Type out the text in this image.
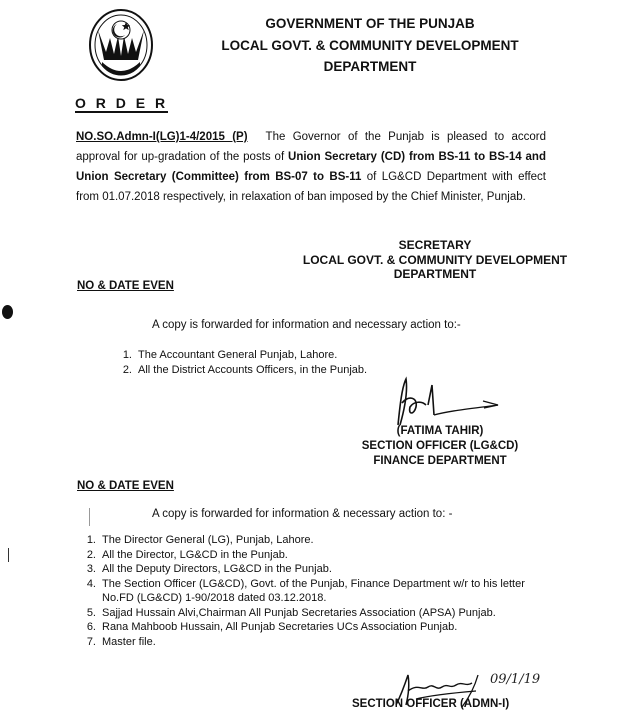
GOVERNMENT OF THE PUNJAB
LOCAL GOVT. & COMMUNITY DEVELOPMENT
DEPARTMENT
O R D E R
NO.SO.Admn-I(LG)1-4/2015 (P) The Governor of the Punjab is pleased to accord approval for up-gradation of the posts of Union Secretary (CD) from BS-11 to BS-14 and Union Secretary (Committee) from BS-07 to BS-11 of LG&CD Department with effect from 01.07.2018 respectively, in relaxation of ban imposed by the Chief Minister, Punjab.
SECRETARY
LOCAL GOVT. & COMMUNITY DEVELOPMENT
DEPARTMENT
NO & DATE EVEN
A copy is forwarded for information and necessary action to:-
1. The Accountant General Punjab, Lahore.
2. All the District Accounts Officers, in the Punjab.
(FATIMA TAHIR)
SECTION OFFICER (LG&CD)
FINANCE DEPARTMENT
NO & DATE EVEN
A copy is forwarded for information & necessary action to: -
1. The Director General (LG), Punjab, Lahore.
2. All the Director, LG&CD in the Punjab.
3. All the Deputy Directors, LG&CD in the Punjab.
4. The Section Officer (LG&CD), Govt. of the Punjab, Finance Department w/r to his letter
No.FD (LG&CD) 1-90/2018 dated 03.12.2018.
5. Sajjad Hussain Alvi,Chairman All Punjab Secretaries Association (APSA) Punjab.
6. Rana Mahboob Hussain, All Punjab Secretaries UCs Association Punjab.
7. Master file.
09/1/19
SECTION OFFICER (ADMN-I)
